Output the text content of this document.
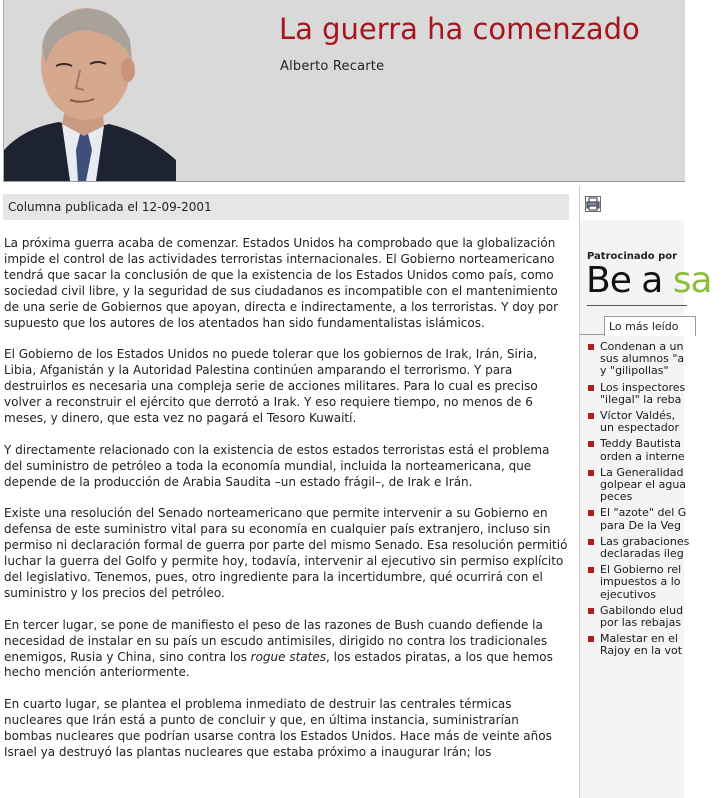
La guerra ha comenzado
Alberto Recarte
Columna publicada el 12-09-2001

La próxima guerra acaba de comenzar. Estados Unidos ha comprobado que la globalización impide el control de las actividades terroristas internacionales. El Gobierno norteamericano tendrá que sacar la conclusión de que la existencia de los Estados Unidos como país, como sociedad civil libre, y la seguridad de sus ciudadanos es incompatible con el mantenimiento de una serie de Gobiernos que apoyan, directa e indirectamente, a los terroristas. Y doy por supuesto que los autores de los atentados han sido fundamentalistas islámicos.

El Gobierno de los Estados Unidos no puede tolerar que los gobiernos de Irak, Irán, Siria, Libia, Afganistán y la Autoridad Palestina continúen amparando el terrorismo. Y para destruirlos es necesaria una compleja serie de acciones militares. Para lo cual es preciso volver a reconstruir el ejército que derrotó a Irak. Y eso requiere tiempo, no menos de 6 meses, y dinero, que esta vez no pagará el Tesoro Kuwaití.

Y directamente relacionado con la existencia de estos estados terroristas está el problema del suministro de petróleo a toda la economía mundial, incluida la norteamericana, que depende de la producción de Arabia Saudita –un estado frágil–, de Irak e Irán.

Existe una resolución del Senado norteamericano que permite intervenir a su Gobierno en defensa de este suministro vital para su economía en cualquier país extranjero, incluso sin permiso ni declaración formal de guerra por parte del mismo Senado. Esa resolución permitió luchar la guerra del Golfo y permite hoy, todavía, intervenir al ejecutivo sin permiso explícito del legislativo. Tenemos, pues, otro ingrediente para la incertidumbre, qué ocurrirá con el suministro y los precios del petróleo.

En tercer lugar, se pone de manifiesto el peso de las razones de Bush cuando defiende la necesidad de instalar en su país un escudo antimisiles, dirigido no contra los tradicionales enemigos, Rusia y China, sino contra los rogue states, los estados piratas, a los que hemos hecho mención anteriormente.

En cuarto lugar, se plantea el problema inmediato de destruir las centrales térmicas nucleares que Irán está a punto de concluir y que, en última instancia, suministrarían bombas nucleares que podrían usarse contra los Estados Unidos. Hace más de veinte años Israel ya destruyó las plantas nucleares que estaba próximo a inaugurar Irán; los

Patrocinado por
Be a sa
Lo más leído
Condenan a un
sus alumnos "a
y "gilipollas"
Los inspectores
"ilegal" la reba
Víctor Valdés,
un espectador
Teddy Bautista
orden a interne
La Generalidad
golpear el agua
peces
El "azote" del G
para De la Veg
Las grabaciones
declaradas ileg
El Gobierno rel
impuestos a lo
ejecutivos
Gabilondo elud
por las rebajas
Malestar en el
Rajoy en la vot
